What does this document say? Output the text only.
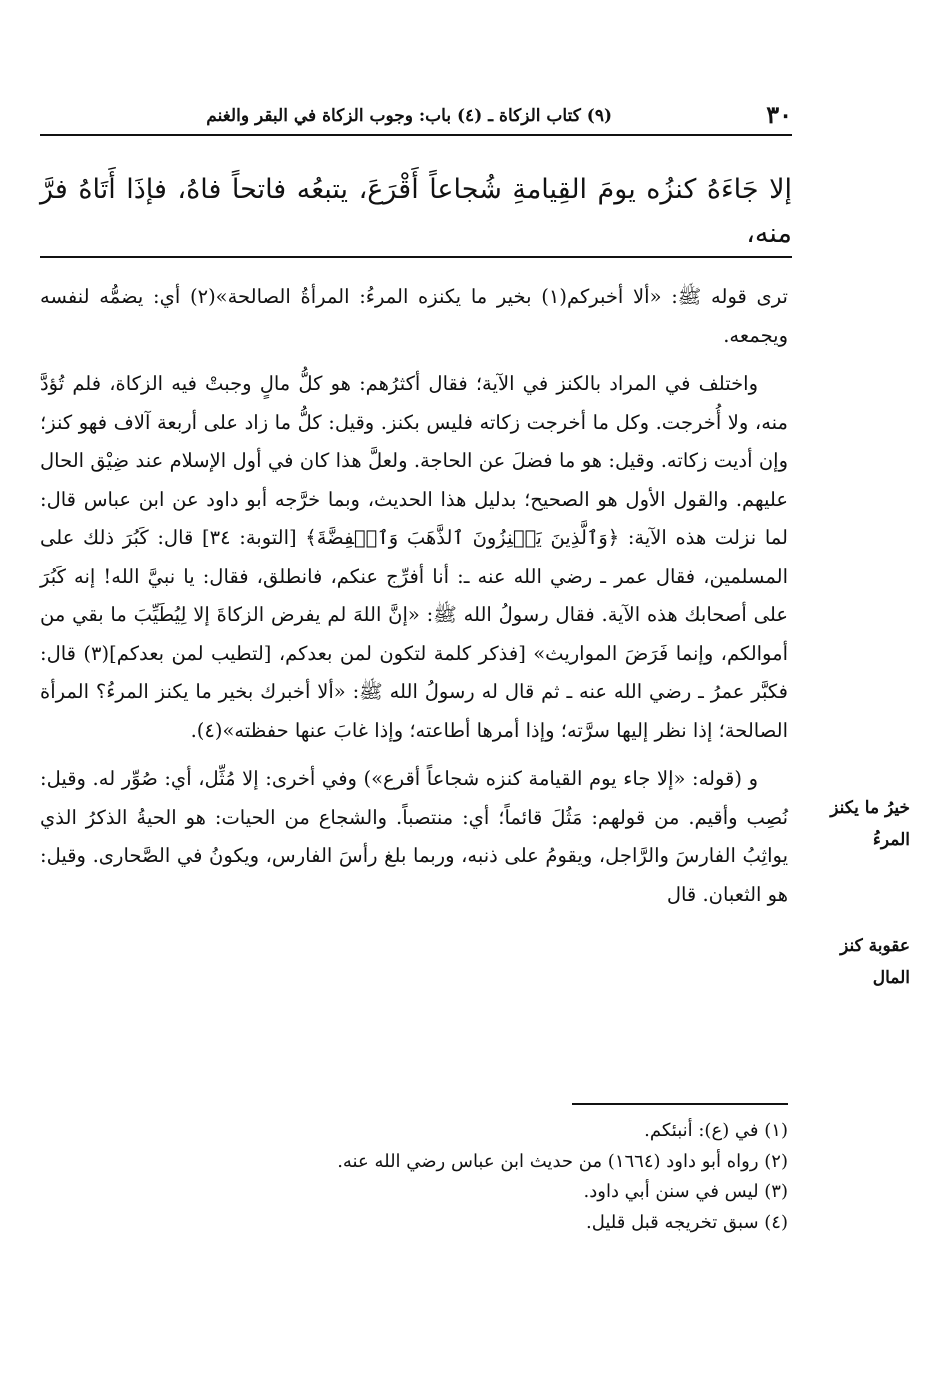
٣٠
(٩) كتاب الزكاة ـ (٤) باب: وجوب الزكاة في البقر والغنم
إلا جَاءَهُ كنزُه يومَ القِيامةِ شُجاعاً أَقْرَعَ، يتبعُه فاتحاً فاهُ، فإذَا أَتَاهُ فرَّ منه،

ترى قوله ﷺ: «ألا أخبركم(١) بخير ما يكنزه المرءُ: المرأةُ الصالحة»(٢) أي: يضمُّه لنفسه ويجمعه.

واختلف في المراد بالكنز في الآية؛ فقال أكثرُهم: هو كلُّ مالٍ وجبتْ فيه الزكاة، فلم تُؤدَّ منه، ولا أُخرجت. وكل ما أخرجت زكاته فليس بكنز. وقيل: كلُّ ما زاد على أربعة آلاف فهو كنز؛ وإن أديت زكاته. وقيل: هو ما فضلَ عن الحاجة. ولعلَّ هذا كان في أول الإسلام عند ضِيْق الحال عليهم. والقول الأول هو الصحيح؛ بدليل هذا الحديث، وبما خرَّجه أبو داود عن ابن عباس قال: لما نزلت هذه الآية: ﴿وَٱلَّذِينَ يَكۡنِزُونَ ٱلذَّهَبَ وَٱلۡفِضَّةَ﴾ [التوبة: ٣٤] قال: كَبُرَ ذلك على المسلمين، فقال عمر ـ رضي الله عنه ـ: أنا أفرِّج عنكم، فانطلق، فقال: يا نبيَّ الله! إنه كَبُرَ على أصحابك هذه الآية. فقال رسولُ الله ﷺ: «إنَّ اللهَ لم يفرض الزكاةَ إلا لِيُطَيِّبَ ما بقي من أموالكم، وإنما فَرَضَ المواريث» [فذكر كلمة لتكون لمن بعدكم، [لتطيب لمن بعدكم](٣) قال: فكبَّر عمرُ ـ رضي الله عنه ـ ثم قال له رسولُ الله ﷺ: «ألا أخبرك بخير ما يكنز المرءُ؟ المرأة الصالحة؛ إذا نظر إليها سرَّته؛ وإذا أمرها أطاعته؛ وإذا غابَ عنها حفظته»(٤).

و (قوله: «إلا جاء يوم القيامة كنزه شجاعاً أقرع») وفي أخرى: إلا مُثِّل، أي: صُوِّر له. وقيل: نُصِب وأقيم. من قولهم: مَثُلَ قائماً؛ أي: منتصباً. والشجاع من الحيات: هو الحيةُ الذكرُ الذي يواثِبُ الفارسَ والرَّاجل، ويقومُ على ذنبه، وربما بلغ رأسَ الفارس، ويكونُ في الصَّحارى. وقيل: هو الثعبان. قال

خيرُ ما يكنز المرءُ
عقوبة كنز المال
(١) في (ع): أنبئكم.
(٢) رواه أبو داود (١٦٦٤) من حديث ابن عباس رضي الله عنه.
(٣) ليس في سنن أبي داود.
(٤) سبق تخريجه قبل قليل.
